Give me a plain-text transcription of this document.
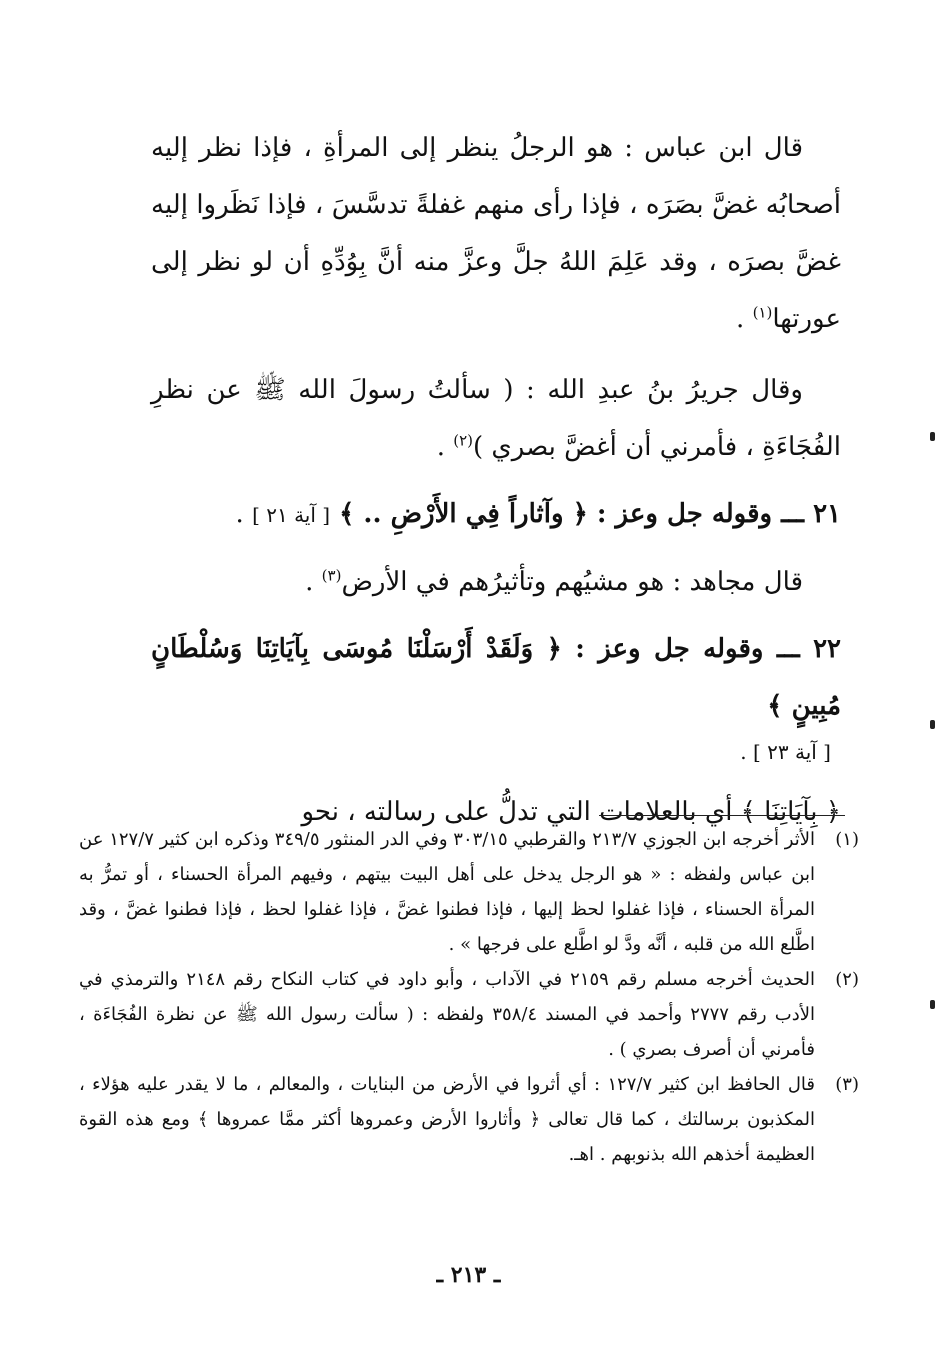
قال ابن عباس : هو الرجلُ ينظر إلى المرأةِ ، فإذا نظر إليه أصحابُه غضَّ بصَرَه ، فإذا رأى منهم غفلةً تدسَّسَ ، فإذا نَظَروا إليه غضَّ بصرَه ، وقد عَلِمَ اللهُ جلَّ وعزَّ منه أنَّ بِوُدِّهِ أن لو نظر إلى عورتها$^{(١)}$ .

وقال جريرُ بنُ عبدِ الله : ( سألتُ رسولَ الله ﷺ عن نظرِ الفُجَاءَةِ ، فأمرني أن أغضَّ بصري )$^{(٢)}$ .

٢١ ـــ وقوله جل وعز : ﴿ وآثاراً فِي الأَرْضِ .. ﴾ [ آية ٢١ ] .

قال مجاهد : هو مشيُهم وتأثيرُهم في الأرض$^{(٣)}$ .

٢٢ ـــ وقوله جل وعز : ﴿ وَلَقَدْ أَرْسَلْنَا مُوسَى بِآيَاتِنَا وَسُلْطَانٍ مُبِينٍ ﴾

[ آية ٢٣ ] .

﴿ بِآيَاتِنَا ﴾ أي بالعلامات التي تدلُّ على رسالته ، نحو

(١)
الأثر أخرجه ابن الجوزي ٢١٣/٧ والقرطبي ٣٠٣/١٥ وفي الدر المنثور ٣٤٩/٥ وذكره ابن كثير ١٢٧/٧ عن ابن عباس ولفظه : « هو الرجل يدخل على أهل البيت بيتهم ، وفيهم المرأة الحسناء ، أو تمرُّ به المرأة الحسناء ، فإذا غفلوا لحظ إليها ، فإذا فطنوا غضَّ ، فإذا غفلوا لحظ ، فإذا فطنوا غضَّ ، وقد اطَّلع الله من قلبه ، أنَّه ودَّ لو اطَّلع على فرجها » .
(٢)
الحديث أخرجه مسلم رقم ٢١٥٩ في الآداب ، وأبو داود في كتاب النكاح رقم ٢١٤٨ والترمذي في الأدب رقم ٢٧٧٧ وأحمد في المسند ٣٥٨/٤ ولفظه : ( سألت رسول الله ﷺ عن نظرة الفُجَاءَة ، فأمرني أن أصرف بصري ) .
(٣)
قال الحافظ ابن كثير ١٢٧/٧ : أي أثروا في الأرض من البنايات ، والمعالم ، ما لا يقدر عليه هؤلاء ، المكذبون برسالتك ، كما قال تعالى ﴿ وأثاروا الأرض وعمروها أكثر ممَّا عمروها ﴾ ومع هذه القوة العظيمة أخذهم الله بذنوبهم . اهـ.
ـ ٢١٣ ـ
